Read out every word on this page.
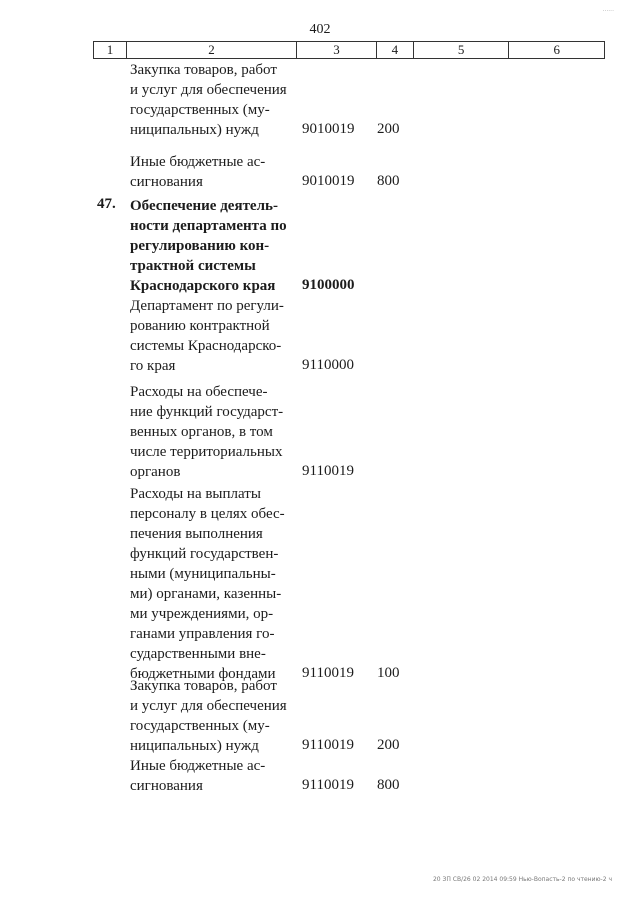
······
402
1	2	3	4	5	6
Закупка товаров, работ
и услуг для обеспечения
государственных (му-
ниципальных) нужд	9010019 200
Иные бюджетные ас-
сигнования	9010019 800
47. Обеспечение деятель-
ности департамента по
регулированию кон-
трактной системы
Краснодарского края	9100000
Департамент по регули-
рованию контрактной
системы Краснодарско-
го края	9110000
Расходы на обеспече-
ние функций государст-
венных органов, в том
числе территориальных
органов	9110019
Расходы на выплаты
персоналу в целях обес-
печения выполнения
функций государствен-
ными (муниципальны-
ми) органами, казенны-
ми учреждениями, ор-
ганами управления го-
сударственными вне-
бюджетными фондами	9110019 100
Закупка товаров, работ
и услуг для обеспечения
государственных (му-
ниципальных) нужд	9110019 200
Иные бюджетные ас-
сигнования	9110019 800
20 ЗП СВ/26 02 2014 09:59 Нью-Вопасть-2 по чтению-2 ч
